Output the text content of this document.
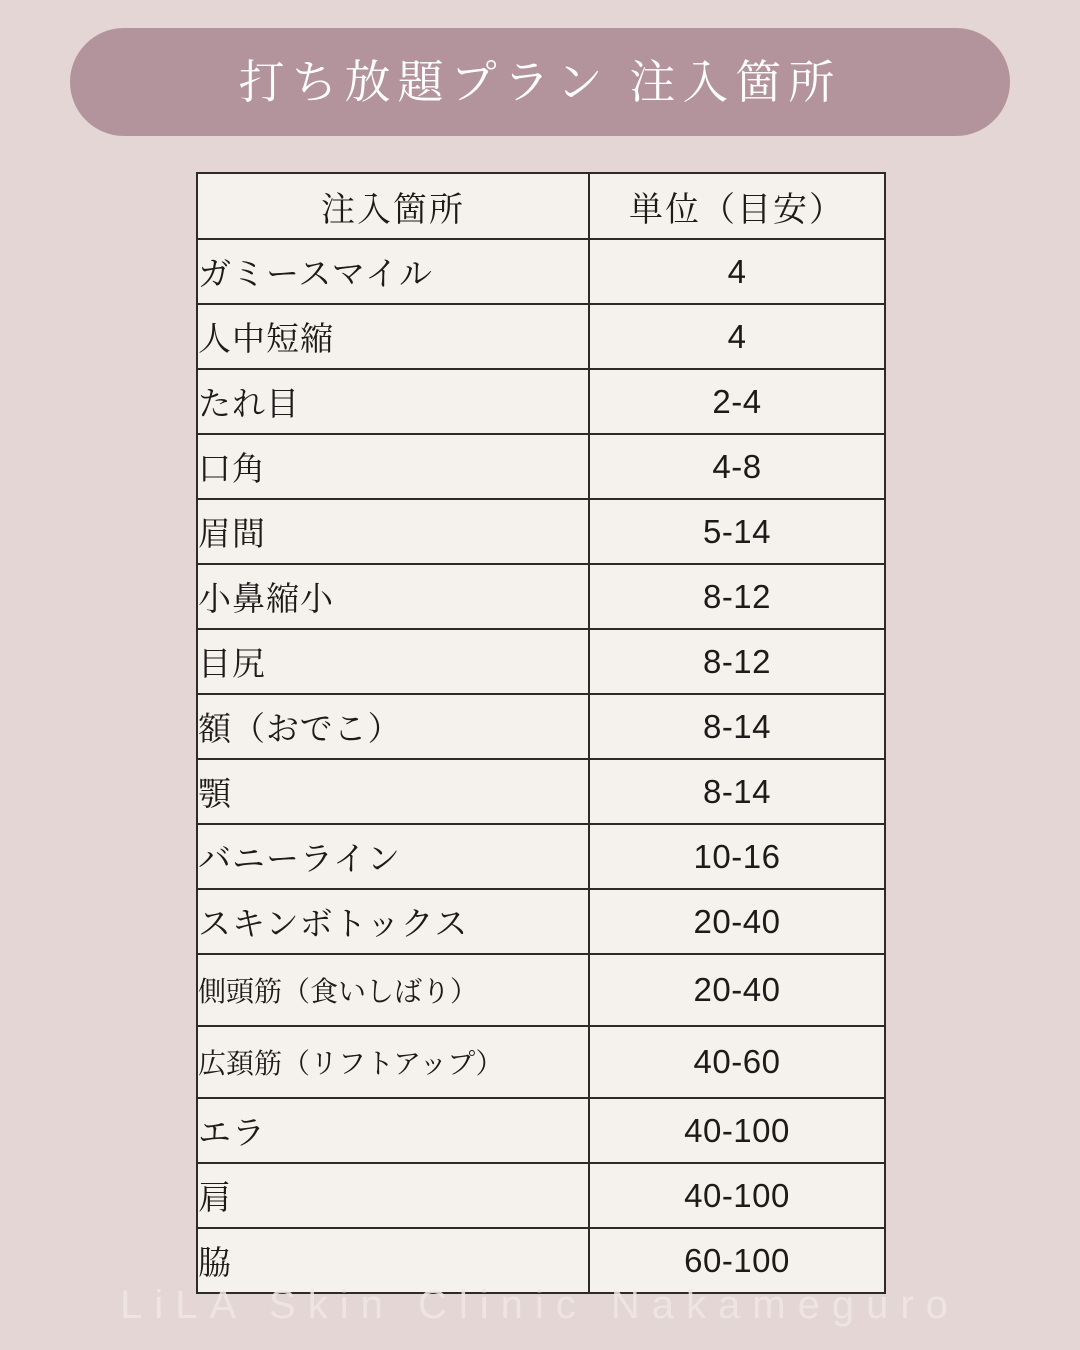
打ち放題プラン 注入箇所
注入箇所	単位（目安）
ガミースマイル	4
人中短縮	4
たれ目	2-4
口角	4-8
眉間	5-14
小鼻縮小	8-12
目尻	8-12
額（おでこ）	8-14
顎	8-14
バニーライン	10-16
スキンボトックス	20-40
側頭筋（食いしばり）	20-40
広頚筋（リフトアップ）	40-60
エラ	40-100
肩	40-100
脇	60-100
LiLA Skin Clinic Nakameguro
